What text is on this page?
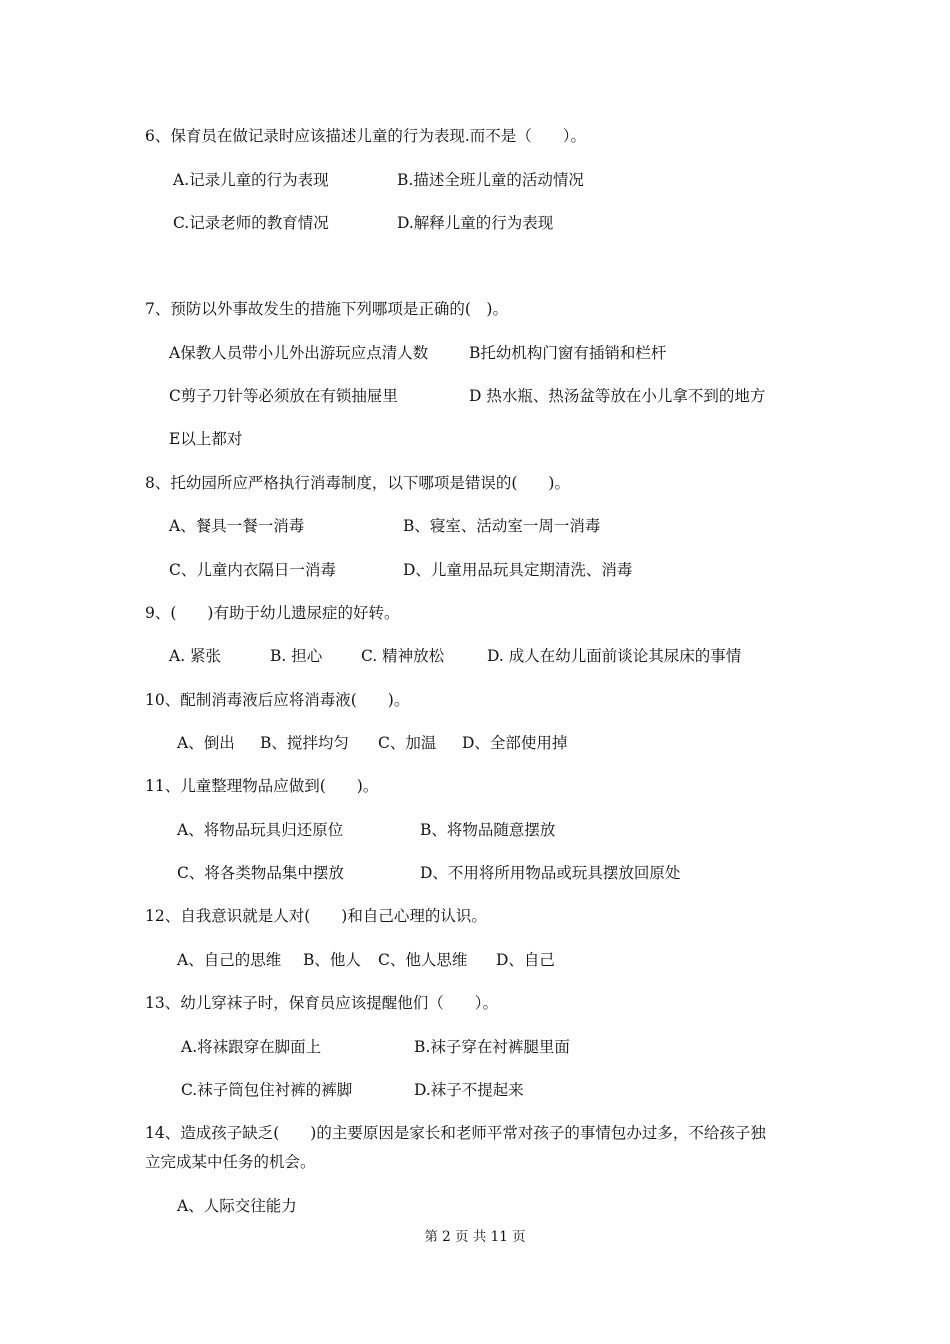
6、保育员在做记录时应该描述儿童的行为表现.而不是（　　）。
A.记录儿童的行为表现	B.描述全班儿童的活动情况
C.记录老师的教育情况	D.解释儿童的行为表现
7、预防以外事故发生的措施下列哪项是正确的(　)。
A保教人员带小儿外出游玩应点清人数	B托幼机构门窗有插销和栏杆
C剪子刀针等必须放在有锁抽屉里	D 热水瓶、热汤盆等放在小儿拿不到的地方
E以上都对
8、托幼园所应严格执行消毒制度，以下哪项是错误的(　　)。
A、餐具一餐一消毒	B、寝室、活动室一周一消毒
C、儿童内衣隔日一消毒	D、儿童用品玩具定期清洗、消毒
9、(　　)有助于幼儿遗尿症的好转。
A. 紧张	B. 担心	C. 精神放松	D. 成人在幼儿面前谈论其尿床的事情
10、配制消毒液后应将消毒液(　　)。
A、倒出 B、搅拌均匀 C、加温 D、全部使用掉
11、儿童整理物品应做到(　　)。
A、将物品玩具归还原位	B、将物品随意摆放
C、将各类物品集中摆放	D、不用将所用物品或玩具摆放回原处
12、自我意识就是人对(　　)和自己心理的认识。
A、自己的思维 B、他人 C、他人思维 D、自己
13、幼儿穿袜子时，保育员应该提醒他们（　　）。
A.将袜跟穿在脚面上	B.袜子穿在衬裤腿里面
C.袜子筒包住衬裤的裤脚	D.袜子不提起来
14、造成孩子缺乏(　　)的主要原因是家长和老师平常对孩子的事情包办过多，不给孩子独
立完成某中任务的机会。
A、人际交往能力
第 2 页 共 11 页
